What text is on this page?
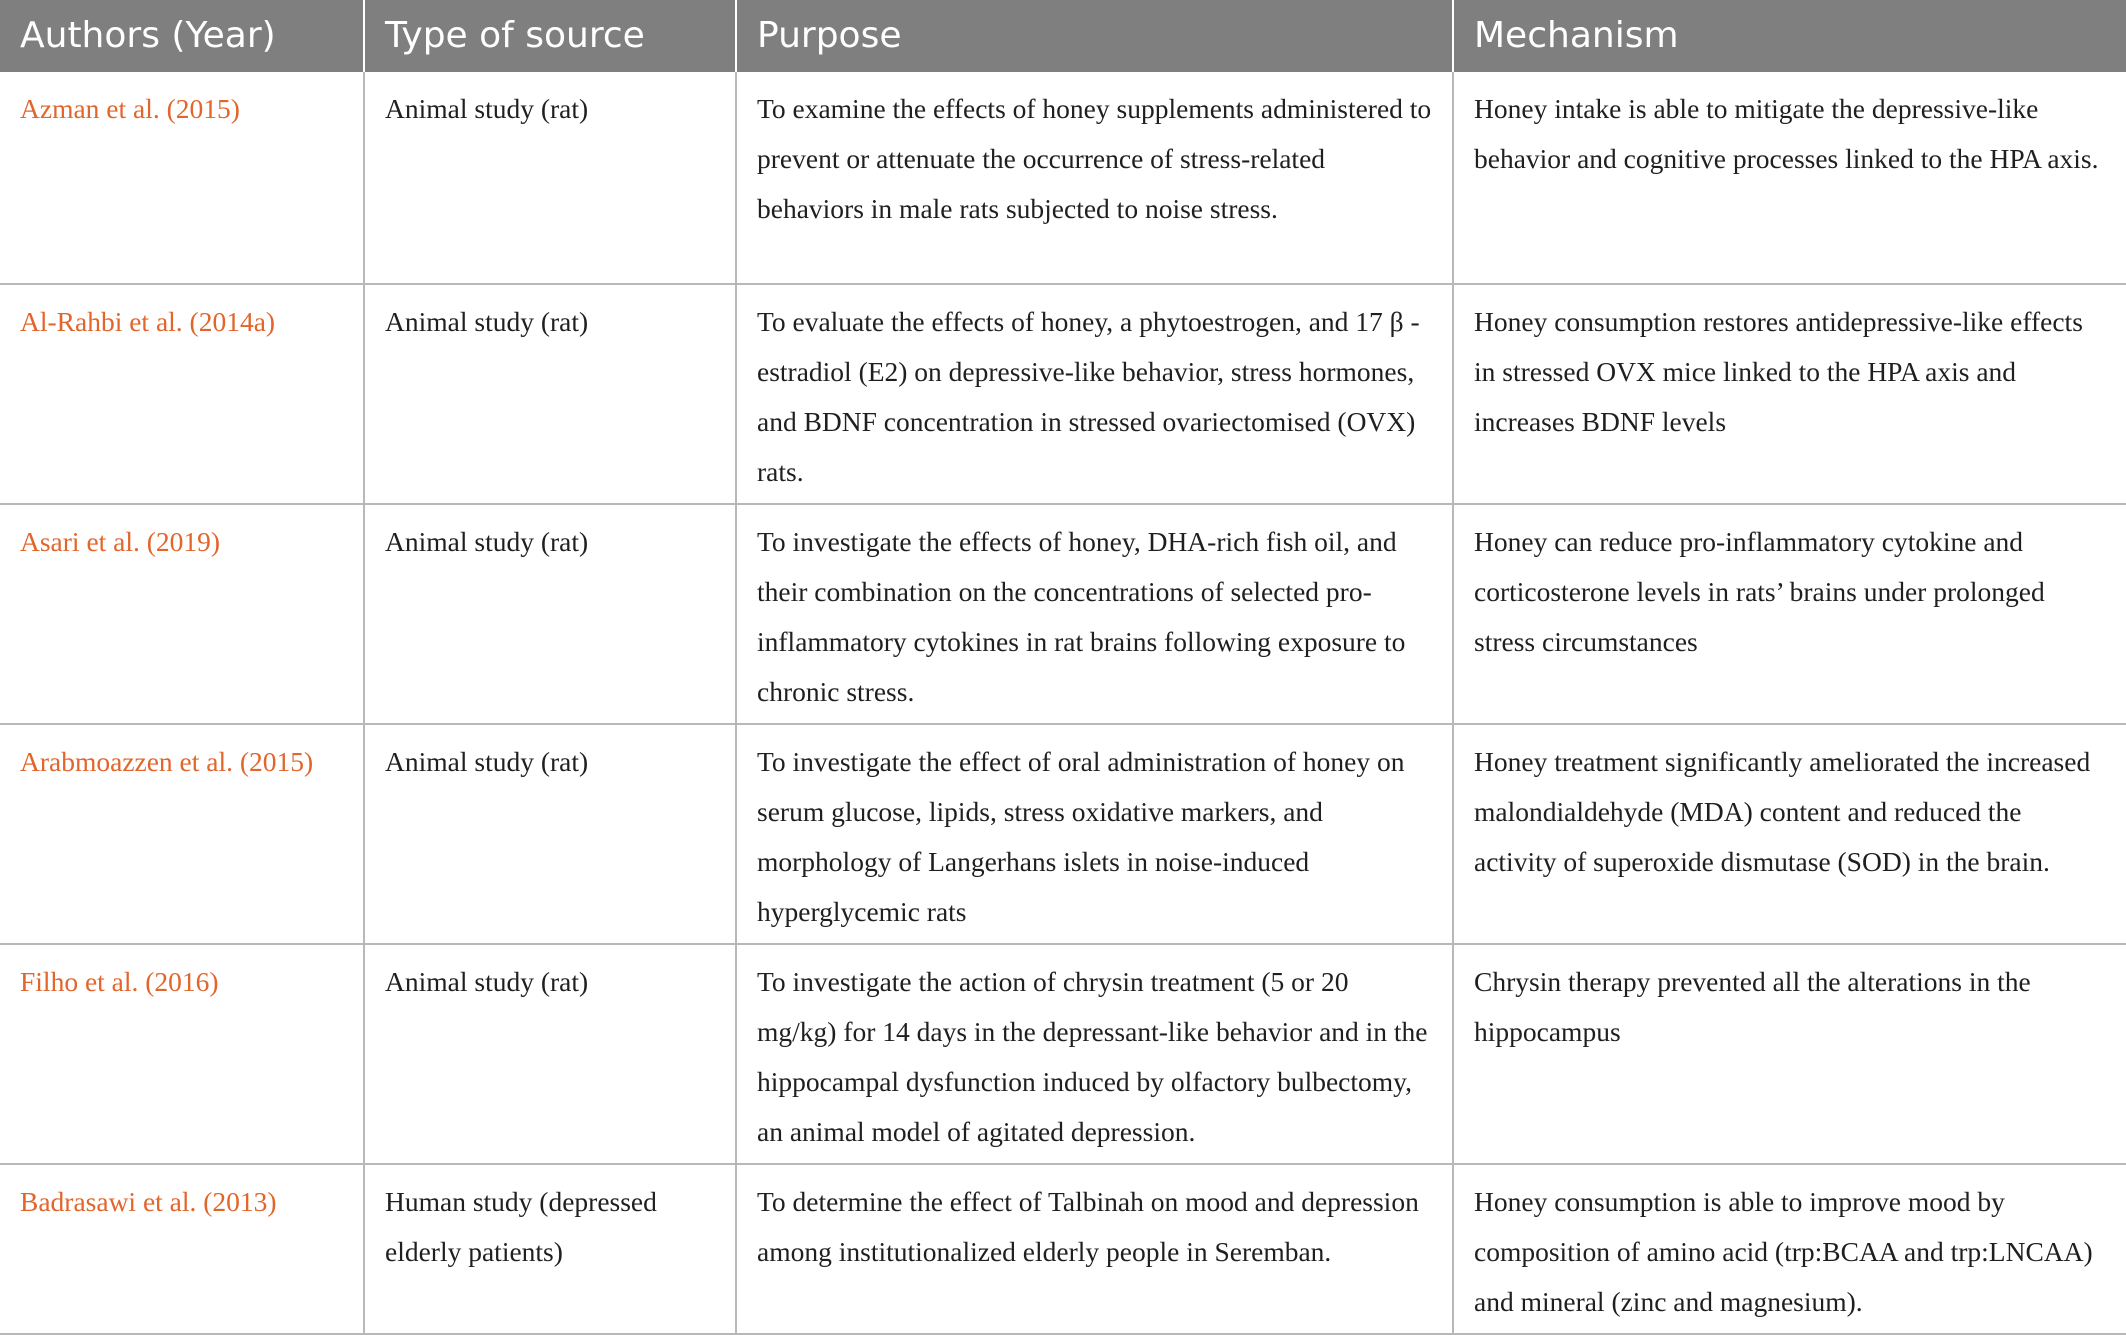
Authors (Year)	Type of source	Purpose	Mechanism
Azman et al. (2015)	Animal study (rat)	To examine the effects of honey supplements administered to prevent or attenuate the occurrence of stress-related behaviors in male rats subjected to noise stress.	Honey intake is able to mitigate the depressive-like behavior and cognitive processes linked to the HPA axis.
Al-Rahbi et al. (2014a)	Animal study (rat)	To evaluate the effects of honey, a phytoestrogen, and 17 β -estradiol (E2) on depressive-like behavior, stress hormones, and BDNF concentration in stressed ovariectomised (OVX) rats.	Honey consumption restores antidepressive-like effects in stressed OVX mice linked to the HPA axis and increases BDNF levels
Asari et al. (2019)	Animal study (rat)	To investigate the effects of honey, DHA-rich fish oil, and their combination on the concentrations of selected pro-inflammatory cytokines in rat brains following exposure to chronic stress.	Honey can reduce pro-inflammatory cytokine and corticosterone levels in rats’ brains under prolonged stress circumstances
Arabmoazzen et al. (2015)	Animal study (rat)	To investigate the effect of oral administration of honey on serum glucose, lipids, stress oxidative markers, and morphology of Langerhans islets in noise-induced hyperglycemic rats	Honey treatment significantly ameliorated the increased malondialdehyde (MDA) content and reduced the activity of superoxide dismutase (SOD) in the brain.
Filho et al. (2016)	Animal study (rat)	To investigate the action of chrysin treatment (5 or 20 mg/kg) for 14 days in the depressant-like behavior and in the hippocampal dysfunction induced by olfactory bulbectomy, an animal model of agitated depression.	Chrysin therapy prevented all the alterations in the hippocampus
Badrasawi et al. (2013)	Human study (depressed elderly patients)	To determine the effect of Talbinah on mood and depression among institutionalized elderly people in Seremban.	Honey consumption is able to improve mood by composition of amino acid (trp:BCAA and trp:LNCAA) and mineral (zinc and magnesium).
